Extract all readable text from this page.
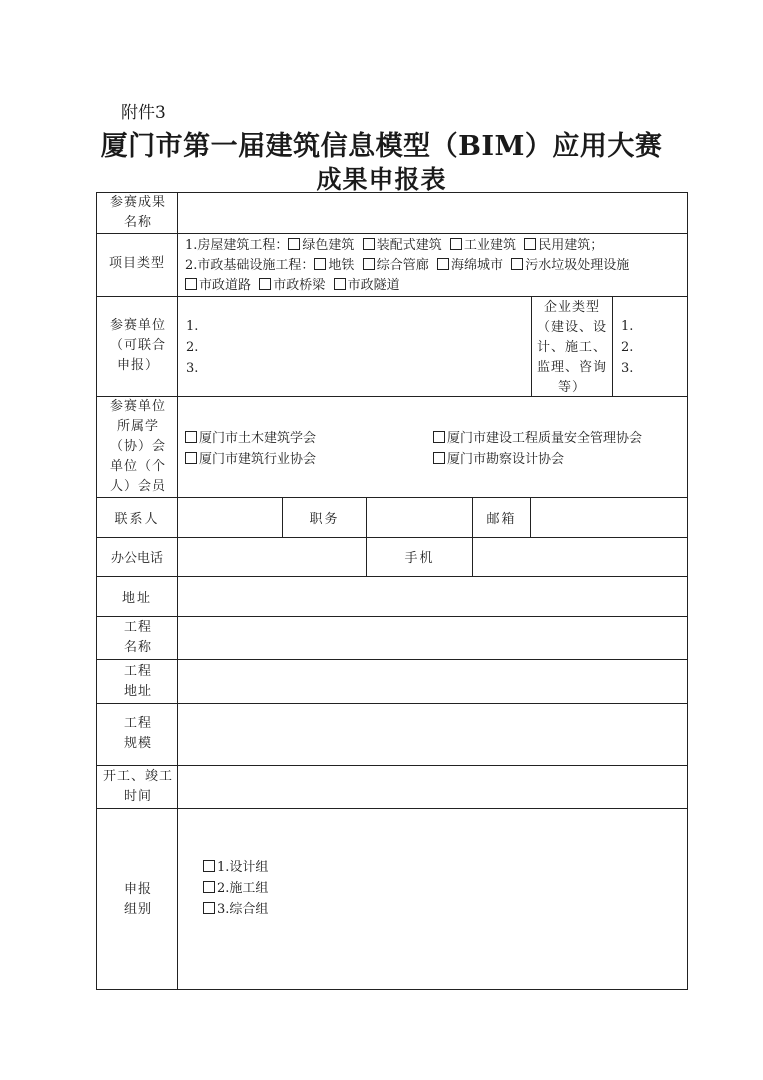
附件3
厦门市第一届建筑信息模型（BIM）应用大赛
成果申报表
参赛成果名称
项目类型
1.房屋建筑工程： 绿色建筑 装配式建筑 工业建筑 民用建筑；
2.市政基础设施工程： 地铁 综合管廊 海绵城市 污水垃圾处理设施
市政道路 市政桥梁 市政隧道
参赛单位（可联合申报）
1.
2.
3.
企业类型（建设、设计、施工、监理、咨询等）
1.
2.
3.
参赛单位所属学（协）会单位（个人）会员
厦门市土木建筑学会	厦门市建设工程质量安全管理协会
厦门市建筑行业协会	厦门市勘察设计协会
联系人	职务	邮箱
办公电话	手机
地址
工程名称
工程地址
工程规模
开工、竣工时间
申报组别
1.设计组
2.施工组
3.综合组
